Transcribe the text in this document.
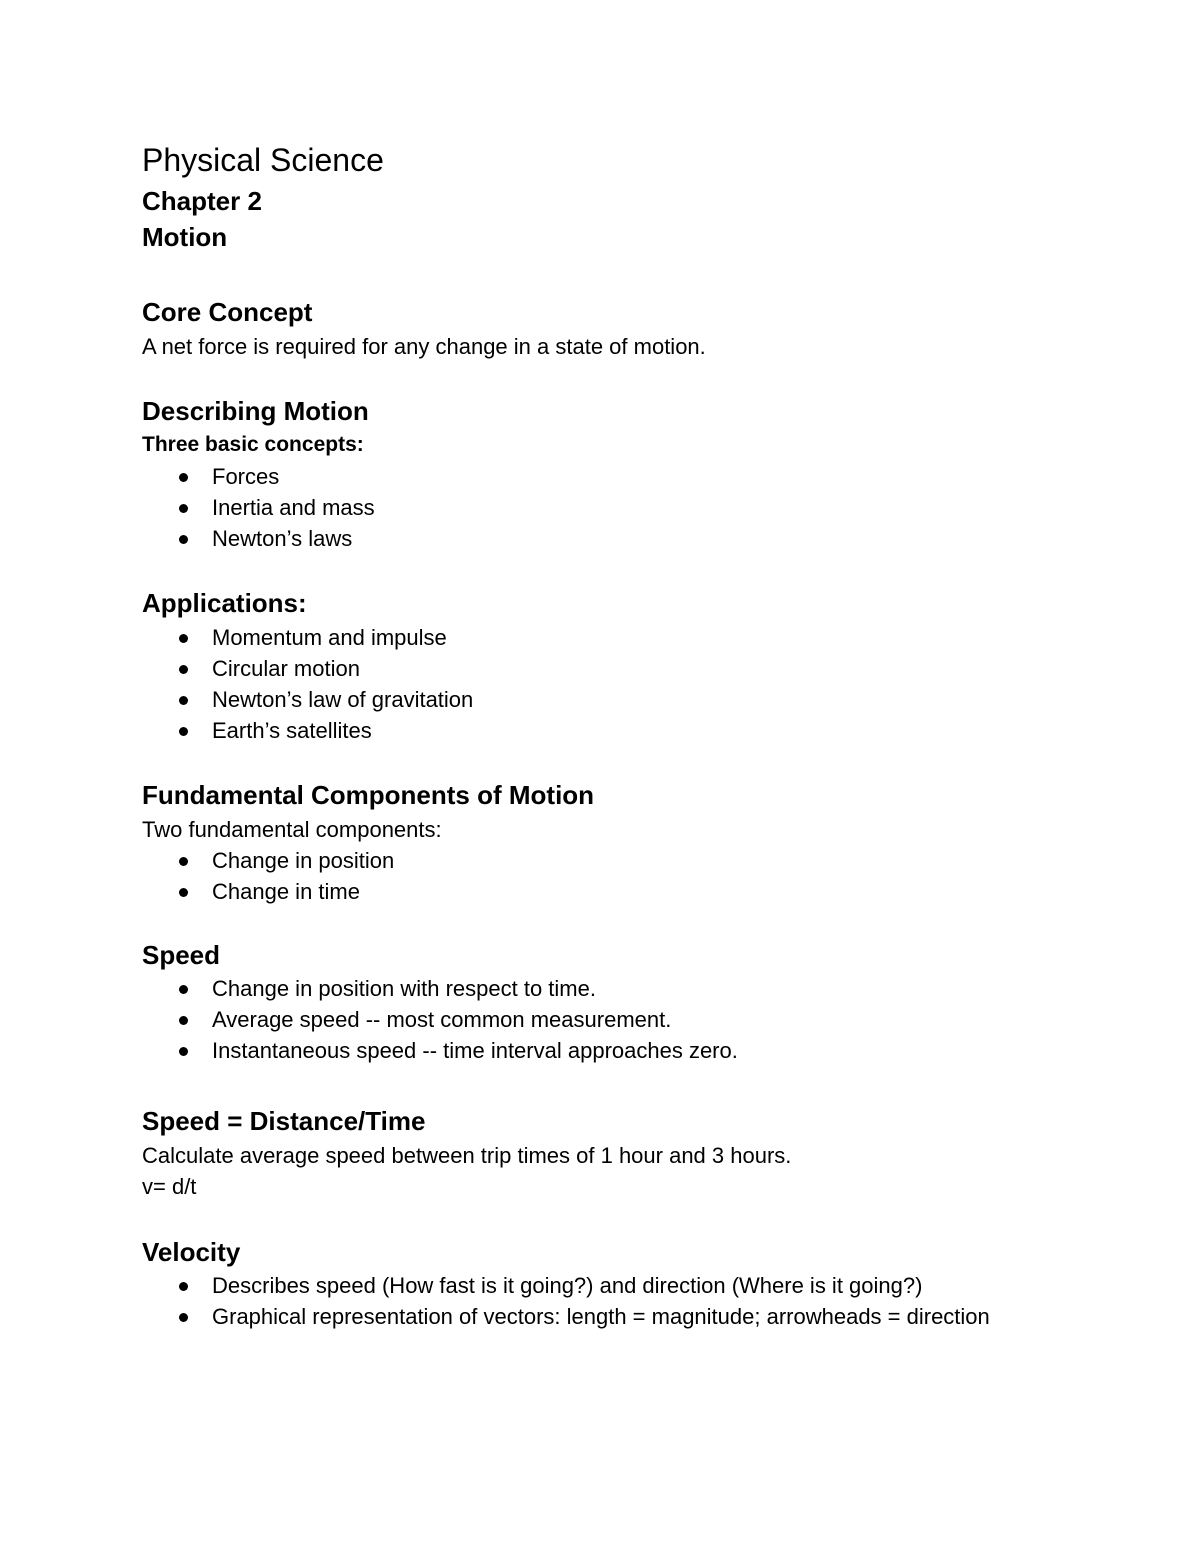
Physical Science
Chapter 2
Motion
Core Concept
A net force is required for any change in a state of motion.
Describing Motion
Three basic concepts:
Forces
Inertia and mass
Newton’s laws
Applications:
Momentum and impulse
Circular motion
Newton’s law of gravitation
Earth’s satellites
Fundamental Components of Motion
Two fundamental components:
Change in position
Change in time
Speed
Change in position with respect to time.
Average speed -- most common measurement.
Instantaneous speed -- time interval approaches zero.
Speed = Distance/Time
Calculate average speed between trip times of 1 hour and 3 hours.
v= d/t
Velocity
Describes speed (How fast is it going?) and direction (Where is it going?)
Graphical representation of vectors: length = magnitude; arrowheads = direction
